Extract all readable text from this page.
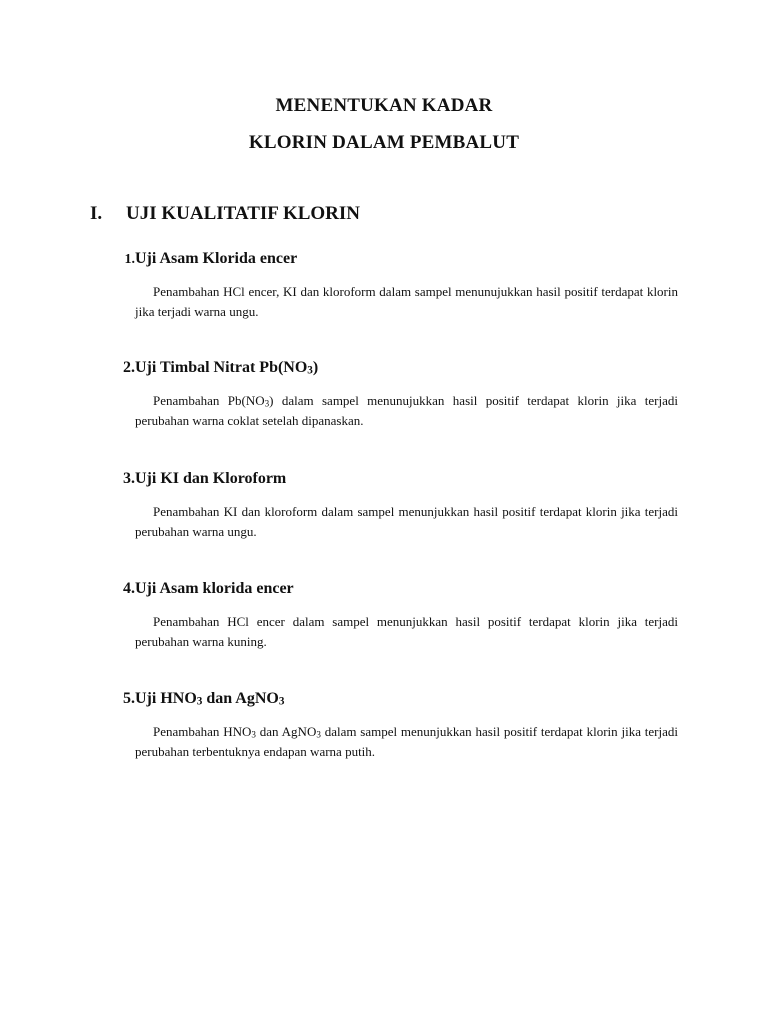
MENENTUKAN KADAR
KLORIN DALAM PEMBALUT
I.	UJI KUALITATIF KLORIN
1. Uji Asam Klorida encer
Penambahan HCl encer, KI dan kloroform dalam sampel menunujukkan hasil positif terdapat klorin jika terjadi warna ungu.
2. Uji Timbal Nitrat Pb(NO3)
Penambahan Pb(NO3) dalam sampel menunujukkan hasil positif terdapat klorin jika terjadi perubahan warna coklat setelah dipanaskan.
3. Uji KI dan Kloroform
Penambahan KI dan kloroform dalam sampel menunjukkan hasil positif terdapat klorin jika terjadi perubahan warna ungu.
4. Uji Asam klorida encer
Penambahan HCl encer dalam sampel menunjukkan hasil positif terdapat klorin jika terjadi perubahan warna kuning.
5. Uji HNO3 dan AgNO3
Penambahan HNO3 dan AgNO3 dalam sampel menunjukkan hasil positif terdapat klorin jika terjadi perubahan terbentuknya endapan warna putih.
